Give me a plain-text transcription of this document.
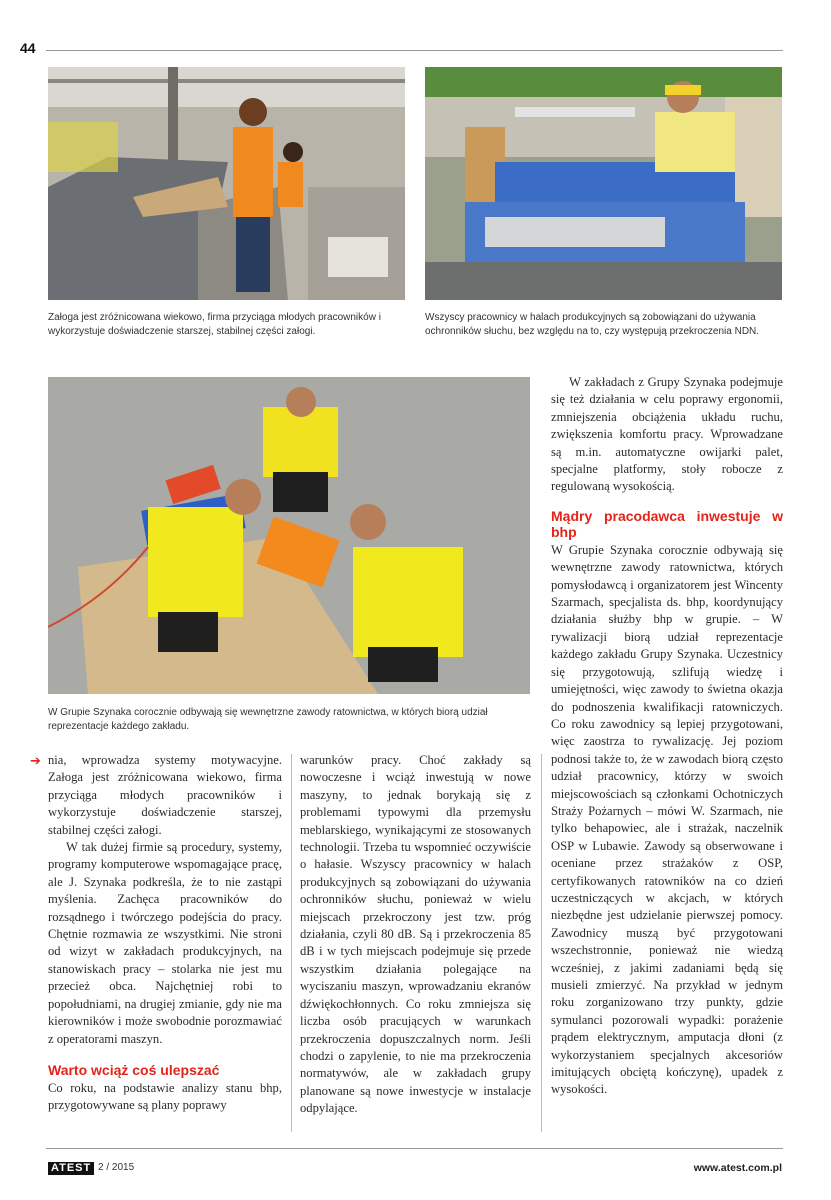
44
Załoga jest zróżnicowana wiekowo, firma przyciąga młodych pracowników i wykorzystuje doświadczenie starszej, stabilnej części załogi.
Wszyscy pracownicy w halach produkcyjnych są zobowiązani do używania ochronników słuchu, bez względu na to, czy występują przekroczenia NDN.
W Grupie Szynaka corocznie odbywają się wewnętrzne zawody ratownictwa, w których biorą udział reprezentacje każdego zakładu.

W zakładach z Grupy Szynaka podejmuje się też działania w celu poprawy ergonomii, zmniejszenia obciążenia układu ruchu, zwiększenia komfortu pracy. Wprowadzane są m.in. automatyczne owijarki palet, specjalne platformy, stoły robocze z regulowaną wysokością.

Mądry pracodawca inwestuje w bhp

W Grupie Szynaka corocznie odbywają się wewnętrzne zawody ratownictwa, których pomysłodawcą i organizatorem jest Wincenty Szarmach, specjalista ds. bhp, koordynujący działania służby bhp w grupie. – W rywalizacji biorą udział reprezentacje każdego zakładu Grupy Szynaka. Uczestnicy się przygotowują, szlifują wiedzę i umiejętności, więc zawody to świetna okazja do podnoszenia kwalifikacji ratowniczych. Co roku zawodnicy są lepiej przygotowani, więc zaostrza to rywalizację. Jej poziom podnosi także to, że w zawodach biorą często udział pracownicy, którzy w swoich miejscowościach są członkami Ochotniczych Straży Pożarnych – mówi W. Szarmach, nie tylko behapowiec, ale i strażak, naczelnik OSP w Lubawie. Zawody są obserwowane i oceniane przez strażaków z OSP, certyfikowanych ratowników na co dzień uczestniczących w akcjach, w których niezbędne jest udzielanie pierwszej pomocy. Zawodnicy muszą być przygotowani wszechstronnie, ponieważ nie wiedzą wcześniej, z jakimi zadaniami będą się musieli zmierzyć. Na przykład w jednym roku zorganizowano trzy punkty, gdzie symulanci pozorowali wypadki: porażenie prądem elektrycznym, amputacja dłoni (z wykorzystaniem specjalnych akcesoriów imitujących obciętą kończynę), upadek z wysokości.

➔ nia, wprowadza systemy motywacyjne. Załoga jest zróżnicowana wiekowo, firma przyciąga młodych pracowników i wykorzystuje doświadczenie starszej, stabilnej części załogi.

W tak dużej firmie są procedury, systemy, programy komputerowe wspomagające pracę, ale J. Szynaka podkreśla, że to nie zastąpi myślenia. Zachęca pracowników do rozsądnego i twórczego podejścia do pracy. Chętnie rozmawia ze wszystkimi. Nie stroni od wizyt w zakładach produkcyjnych, na stanowiskach pracy – stolarka nie jest mu przecież obca. Najchętniej robi to popołudniami, na drugiej zmianie, gdy nie ma kierowników i może swobodnie porozmawiać z operatorami maszyn.

Warto wciąż coś ulepszać

Co roku, na podstawie analizy stanu bhp, przygotowywane są plany poprawy

warunków pracy. Choć zakłady są nowoczesne i wciąż inwestują w nowe maszyny, to jednak borykają się z problemami typowymi dla przemysłu meblarskiego, wynikającymi ze stosowanych technologii. Trzeba tu wspomnieć oczywiście o hałasie. Wszyscy pracownicy w halach produkcyjnych są zobowiązani do używania ochronników słuchu, ponieważ w wielu miejscach przekroczony jest tzw. próg działania, czyli 80 dB. Są i przekroczenia 85 dB i w tych miejscach podejmuje się przede wszystkim działania polegające na wyciszaniu maszyn, wprowadzaniu ekranów dźwiękochłonnych. Co roku zmniejsza się liczba osób pracujących w warunkach przekroczenia dopuszczalnych norm. Jeśli chodzi o zapylenie, to nie ma przekroczenia normatywów, ale w zakładach grupy planowane są nowe inwestycje w instalacje odpylające.

ATEST 2 / 2015	www.atest.com.pl
